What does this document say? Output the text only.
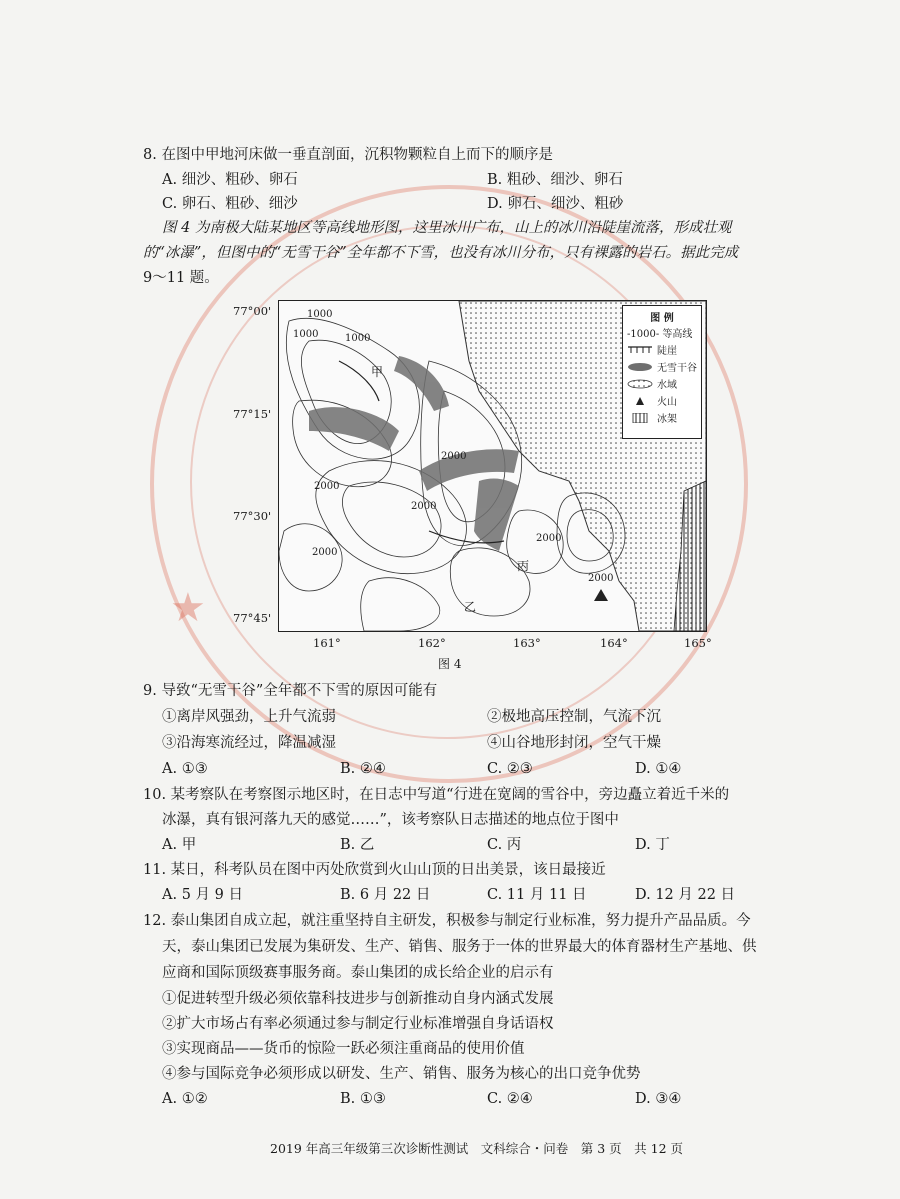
★
8. 在图中甲地河床做一垂直剖面，沉积物颗粒自上而下的顺序是
A. 细沙、粗砂、卵石	B. 粗砂、细沙、卵石
C. 卵石、粗砂、细沙	D. 卵石、细沙、粗砂
图 4 为南极大陆某地区等高线地形图，这里冰川广布，山上的冰川沿陡崖流落，形成壮观
的“冰瀑”，但图中的“无雪干谷”全年都不下雪，也没有冰川分布，只有裸露的岩石。据此完成
9～11 题。
77°00'
77°15'
77°30'
77°45'
161°	162°	163°	164°	165°
1000
1000	1000
2000
2000
2000
2000
2000
2000
甲
乙
丙
图 例
-1000- 等高线
陡崖
无雪干谷
水域
火山
冰架
图 4
9. 导致“无雪干谷”全年都不下雪的原因可能有
①离岸风强劲，上升气流弱	②极地高压控制，气流下沉
③沿海寒流经过，降温减湿	④山谷地形封闭，空气干燥
A. ①③	B. ②④	C. ②③	D. ①④
10. 某考察队在考察图示地区时，在日志中写道“行进在宽阔的雪谷中，旁边矗立着近千米的
冰瀑，真有银河落九天的感觉……”，该考察队日志描述的地点位于图中
A. 甲	B. 乙	C. 丙	D. 丁
11. 某日，科考队员在图中丙处欣赏到火山山顶的日出美景，该日最接近
A. 5 月 9 日	B. 6 月 22 日	C. 11 月 11 日	D. 12 月 22 日
12. 泰山集团自成立起，就注重坚持自主研发，积极参与制定行业标准，努力提升产品品质。今
天，泰山集团已发展为集研发、生产、销售、服务于一体的世界最大的体育器材生产基地、供
应商和国际顶级赛事服务商。泰山集团的成长给企业的启示有
①促进转型升级必须依靠科技进步与创新推动自身内涵式发展
②扩大市场占有率必须通过参与制定行业标准增强自身话语权
③实现商品——货币的惊险一跃必须注重商品的使用价值
④参与国际竞争必须形成以研发、生产、销售、服务为核心的出口竞争优势
A. ①②	B. ①③	C. ②④	D. ③④
2019 年高三年级第三次诊断性测试　文科综合・问卷　第 3 页　共 12 页
